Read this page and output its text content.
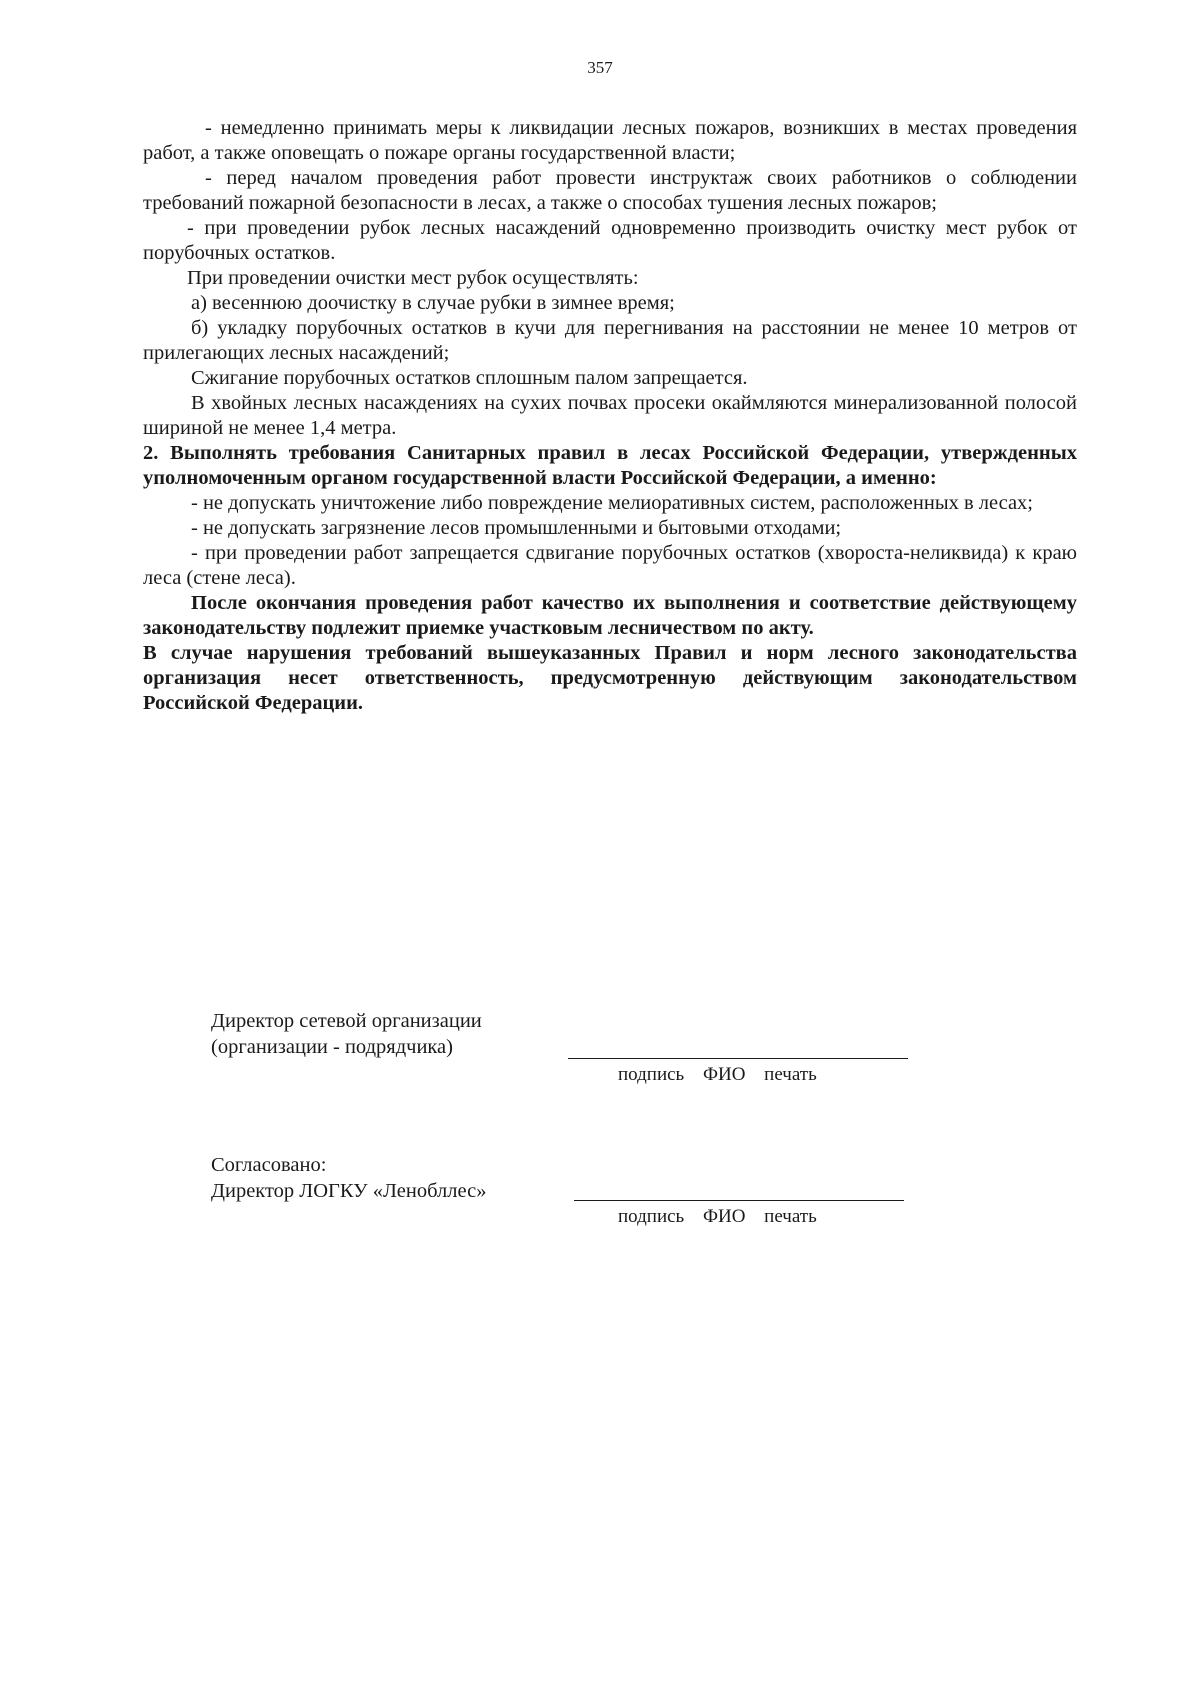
357

- немедленно принимать меры к ликвидации лесных пожаров, возникших в местах проведения работ, а также оповещать о пожаре органы государственной власти;

- перед началом проведения работ провести инструктаж своих работников о соблюдении требований пожарной безопасности в лесах, а также о способах тушения лесных пожаров;

- при проведении рубок лесных насаждений одновременно производить очистку мест рубок от порубочных остатков.

При проведении очистки мест рубок осуществлять:

а) весеннюю доочистку в случае рубки в зимнее время;

б) укладку порубочных остатков в кучи для перегнивания на расстоянии не менее 10 метров от прилегающих лесных насаждений;

Сжигание порубочных остатков сплошным палом запрещается.

В хвойных лесных насаждениях на сухих почвах просеки окаймляются минерализованной полосой шириной не менее 1,4 метра.

2. Выполнять требования Санитарных правил в лесах Российской Федерации, утвержденных уполномоченным органом государственной власти Российской Федерации, а именно:

- не допускать уничтожение либо повреждение мелиоративных систем, расположенных в лесах;

- не допускать загрязнение лесов промышленными и бытовыми отходами;

- при проведении работ запрещается сдвигание порубочных остатков (хвороста-неликвида) к краю леса (стене леса).

После окончания проведения работ качество их выполнения и соответствие действующему законодательству подлежит приемке участковым лесничеством по акту.

В случае нарушения требований вышеуказанных Правил и норм лесного законодательства организация несет ответственность, предусмотренную действующим законодательством Российской Федерации.

Директор сетевой организации
(организации - подрядчика)
подпись ФИО печать
Согласовано:
Директор ЛОГКУ «Ленобллес»
подпись ФИО печать
